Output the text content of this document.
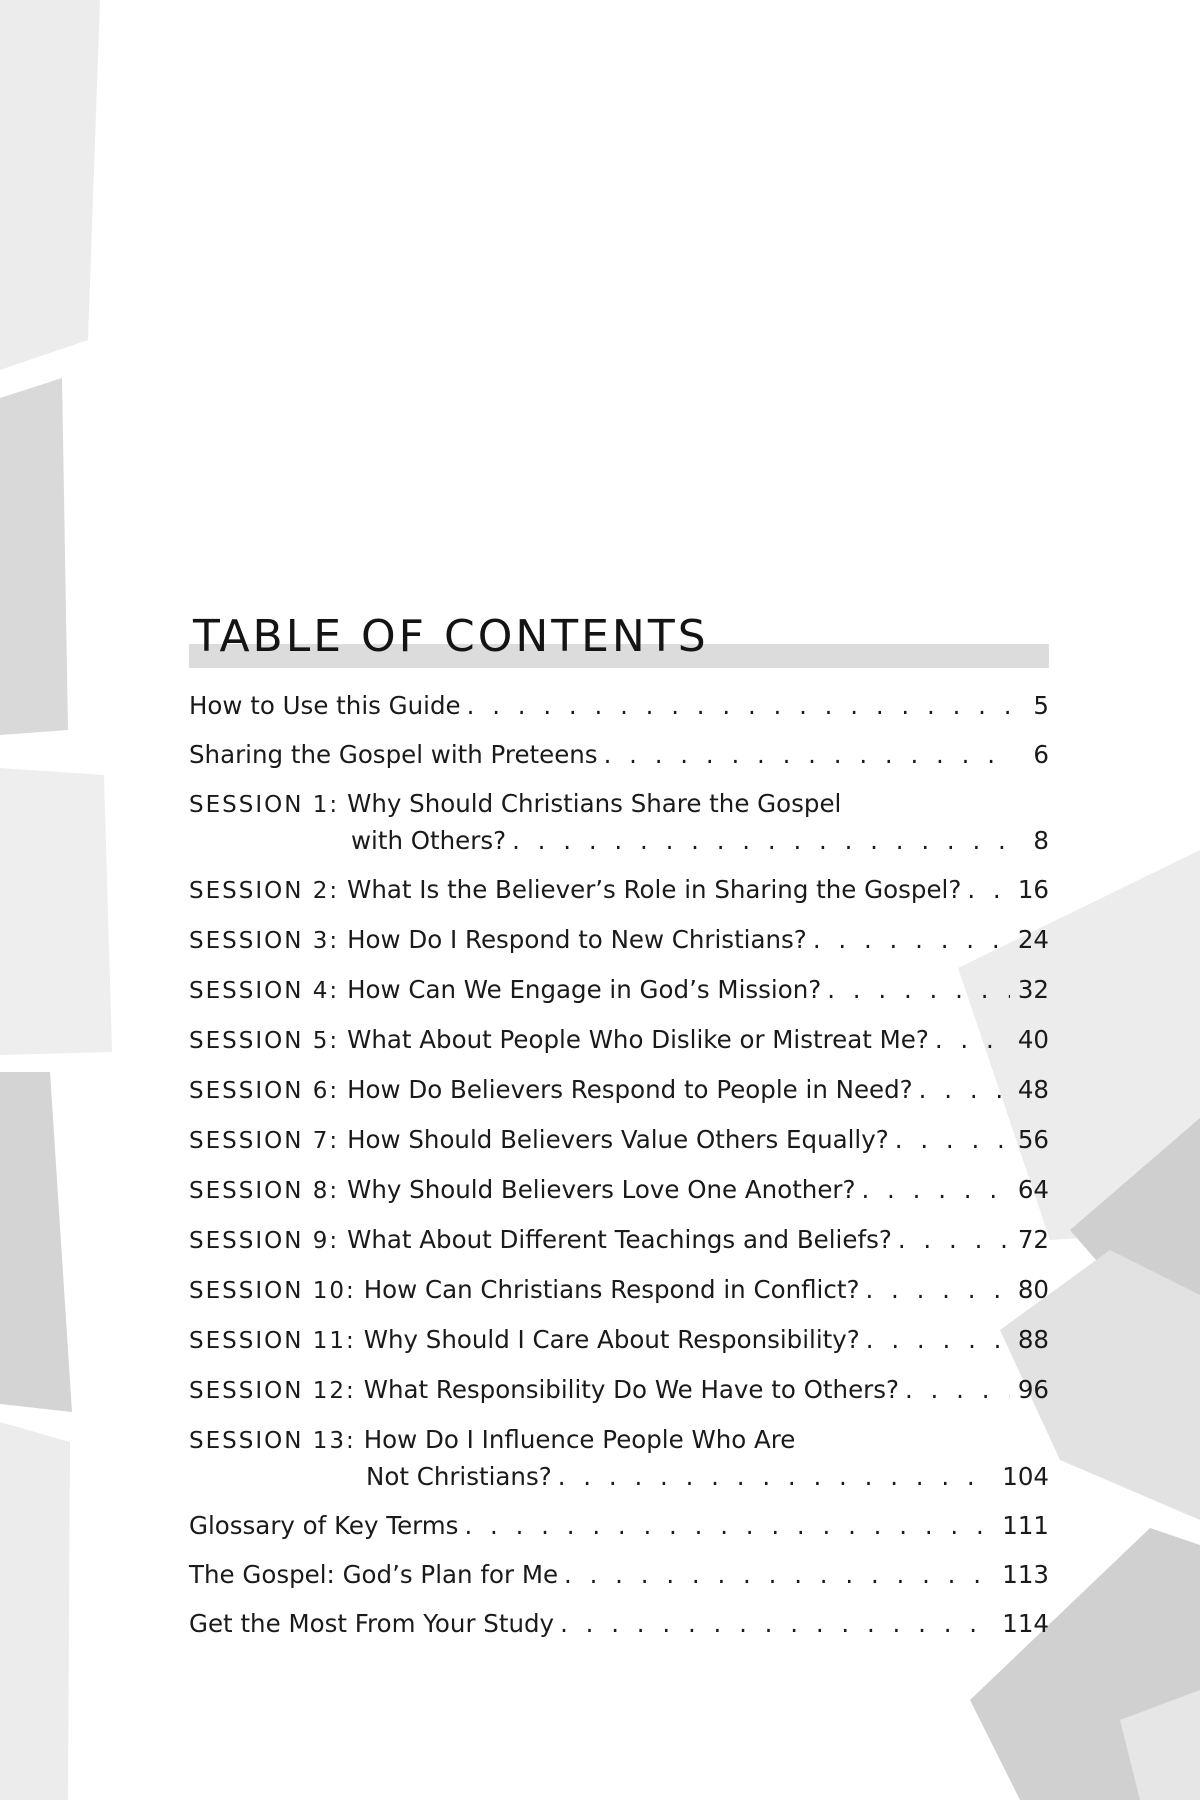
TABLE OF CONTENTS
How to Use this Guide . . .	5
Sharing the Gospel with Preteens . . .	6
SESSION 1: Why Should Christians Share the Gospel
with Others? . . .	8
SESSION 2: What Is the Believer’s Role in Sharing the Gospel? . . . 16
SESSION 3: How Do I Respond to New Christians? . . .	24
SESSION 4: How Can We Engage in God’s Mission? . . .	32
SESSION 5: What About People Who Dislike or Mistreat Me? . . .	40
SESSION 6: How Do Believers Respond to People in Need? . . .	48
SESSION 7: How Should Believers Value Others Equally? . . .	56
SESSION 8: Why Should Believers Love One Another? . . .	64
SESSION 9: What About Different Teachings and Beliefs? . . .	72
SESSION 10: How Can Christians Respond in Conflict? . . .	80
SESSION 11: Why Should I Care About Responsibility? . . .	88
SESSION 12: What Responsibility Do We Have to Others? . . .	96
SESSION 13: How Do I Influence People Who Are
Not Christians? . . .	104
Glossary of Key Terms . . .	111
The Gospel: God’s Plan for Me . . .	113
Get the Most From Your Study . . .	114
